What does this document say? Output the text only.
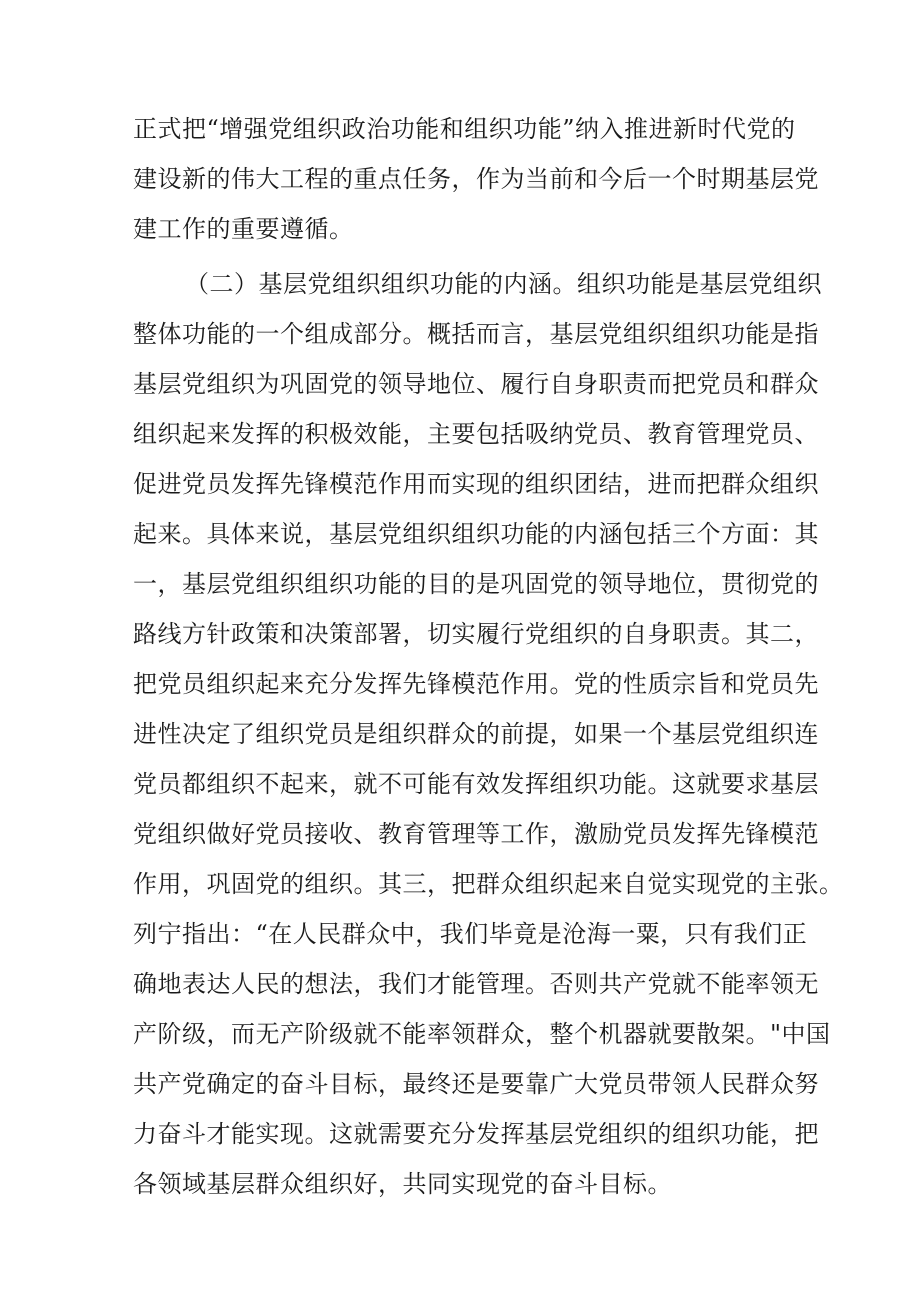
正式把“增强党组织政治功能和组织功能”纳入推进新时代党的
建设新的伟大工程的重点任务，作为当前和今后一个时期基层党
建工作的重要遵循。
（二）基层党组织组织功能的内涵。组织功能是基层党组织
整体功能的一个组成部分。概括而言，基层党组织组织功能是指
基层党组织为巩固党的领导地位、履行自身职责而把党员和群众
组织起来发挥的积极效能，主要包括吸纳党员、教育管理党员、
促进党员发挥先锋模范作用而实现的组织团结，进而把群众组织
起来。具体来说，基层党组织组织功能的内涵包括三个方面：其
一，基层党组织组织功能的目的是巩固党的领导地位，贯彻党的
路线方针政策和决策部署，切实履行党组织的自身职责。其二，
把党员组织起来充分发挥先锋模范作用。党的性质宗旨和党员先
进性决定了组织党员是组织群众的前提，如果一个基层党组织连
党员都组织不起来，就不可能有效发挥组织功能。这就要求基层
党组织做好党员接收、教育管理等工作，激励党员发挥先锋模范
作用，巩固党的组织。其三，把群众组织起来自觉实现党的主张。
列宁指出：“在人民群众中，我们毕竟是沧海一粟，只有我们正
确地表达人民的想法，我们才能管理。否则共产党就不能率领无
产阶级，而无产阶级就不能率领群众，整个机器就要散架。"中国
共产党确定的奋斗目标，最终还是要靠广大党员带领人民群众努
力奋斗才能实现。这就需要充分发挥基层党组织的组织功能，把
各领域基层群众组织好，共同实现党的奋斗目标。
